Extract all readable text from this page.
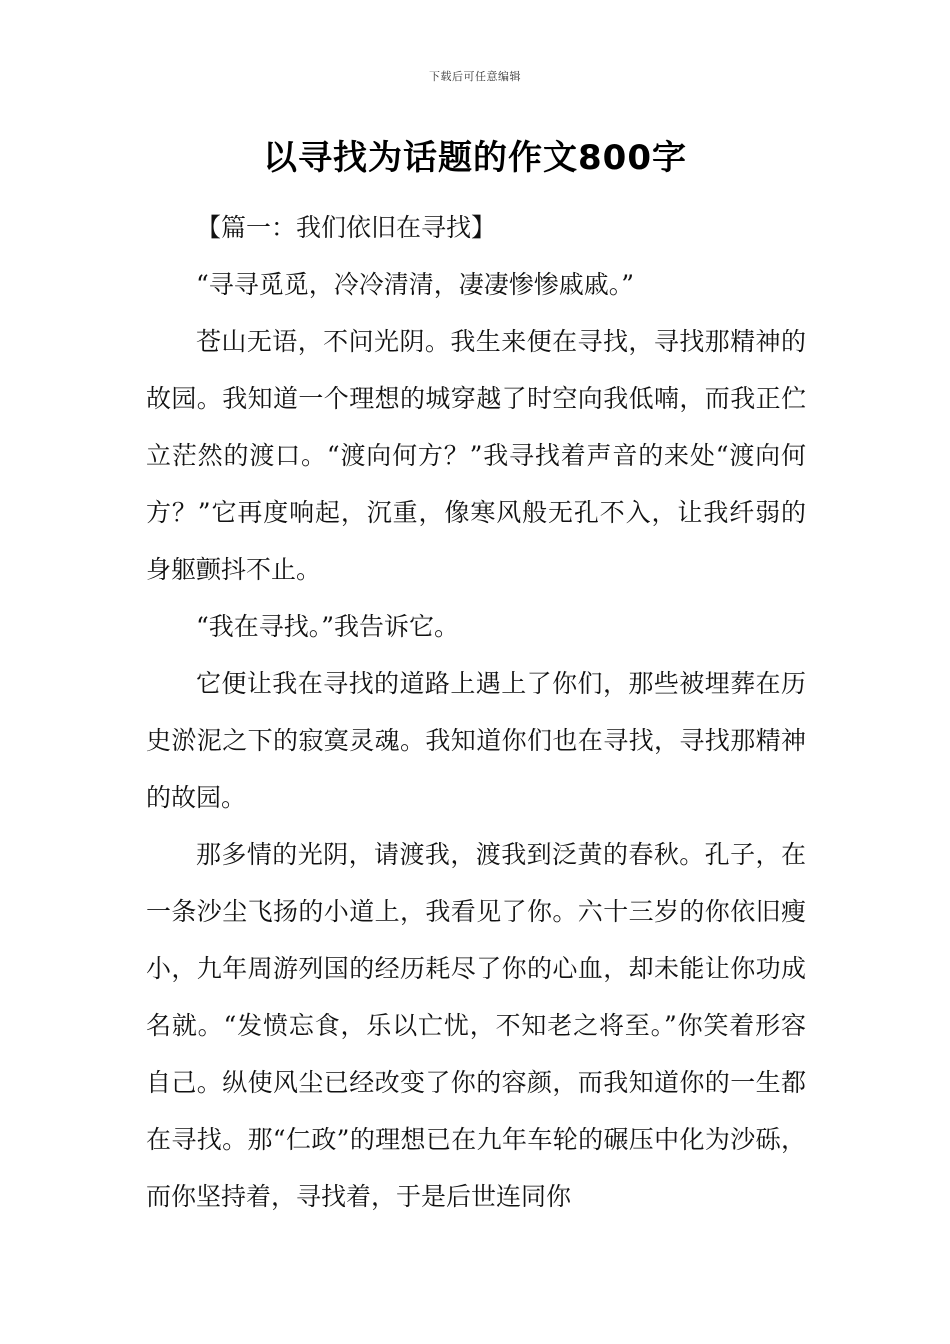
下载后可任意编辑
以寻找为话题的作文800字

【篇一：我们依旧在寻找】

“寻寻觅觅，冷冷清清，凄凄惨惨戚戚。”

苍山无语，不问光阴。我生来便在寻找，寻找那精神的故园。我知道一个理想的城穿越了时空向我低喃，而我正伫立茫然的渡口。“渡向何方？”我寻找着声音的来处“渡向何方？”它再度响起，沉重，像寒风般无孔不入，让我纤弱的身躯颤抖不止。

“我在寻找。”我告诉它。

它便让我在寻找的道路上遇上了你们，那些被埋葬在历史淤泥之下的寂寞灵魂。我知道你们也在寻找，寻找那精神的故园。

那多情的光阴，请渡我，渡我到泛黄的春秋。孔子，在一条沙尘飞扬的小道上，我看见了你。六十三岁的你依旧瘦小，九年周游列国的经历耗尽了你的心血，却未能让你功成名就。“发愤忘食，乐以亡忧，不知老之将至。”你笑着形容自己。纵使风尘已经改变了你的容颜，而我知道你的一生都在寻找。那“仁政”的理想已在九年车轮的碾压中化为沙砾，而你坚持着，寻找着，于是后世连同你
